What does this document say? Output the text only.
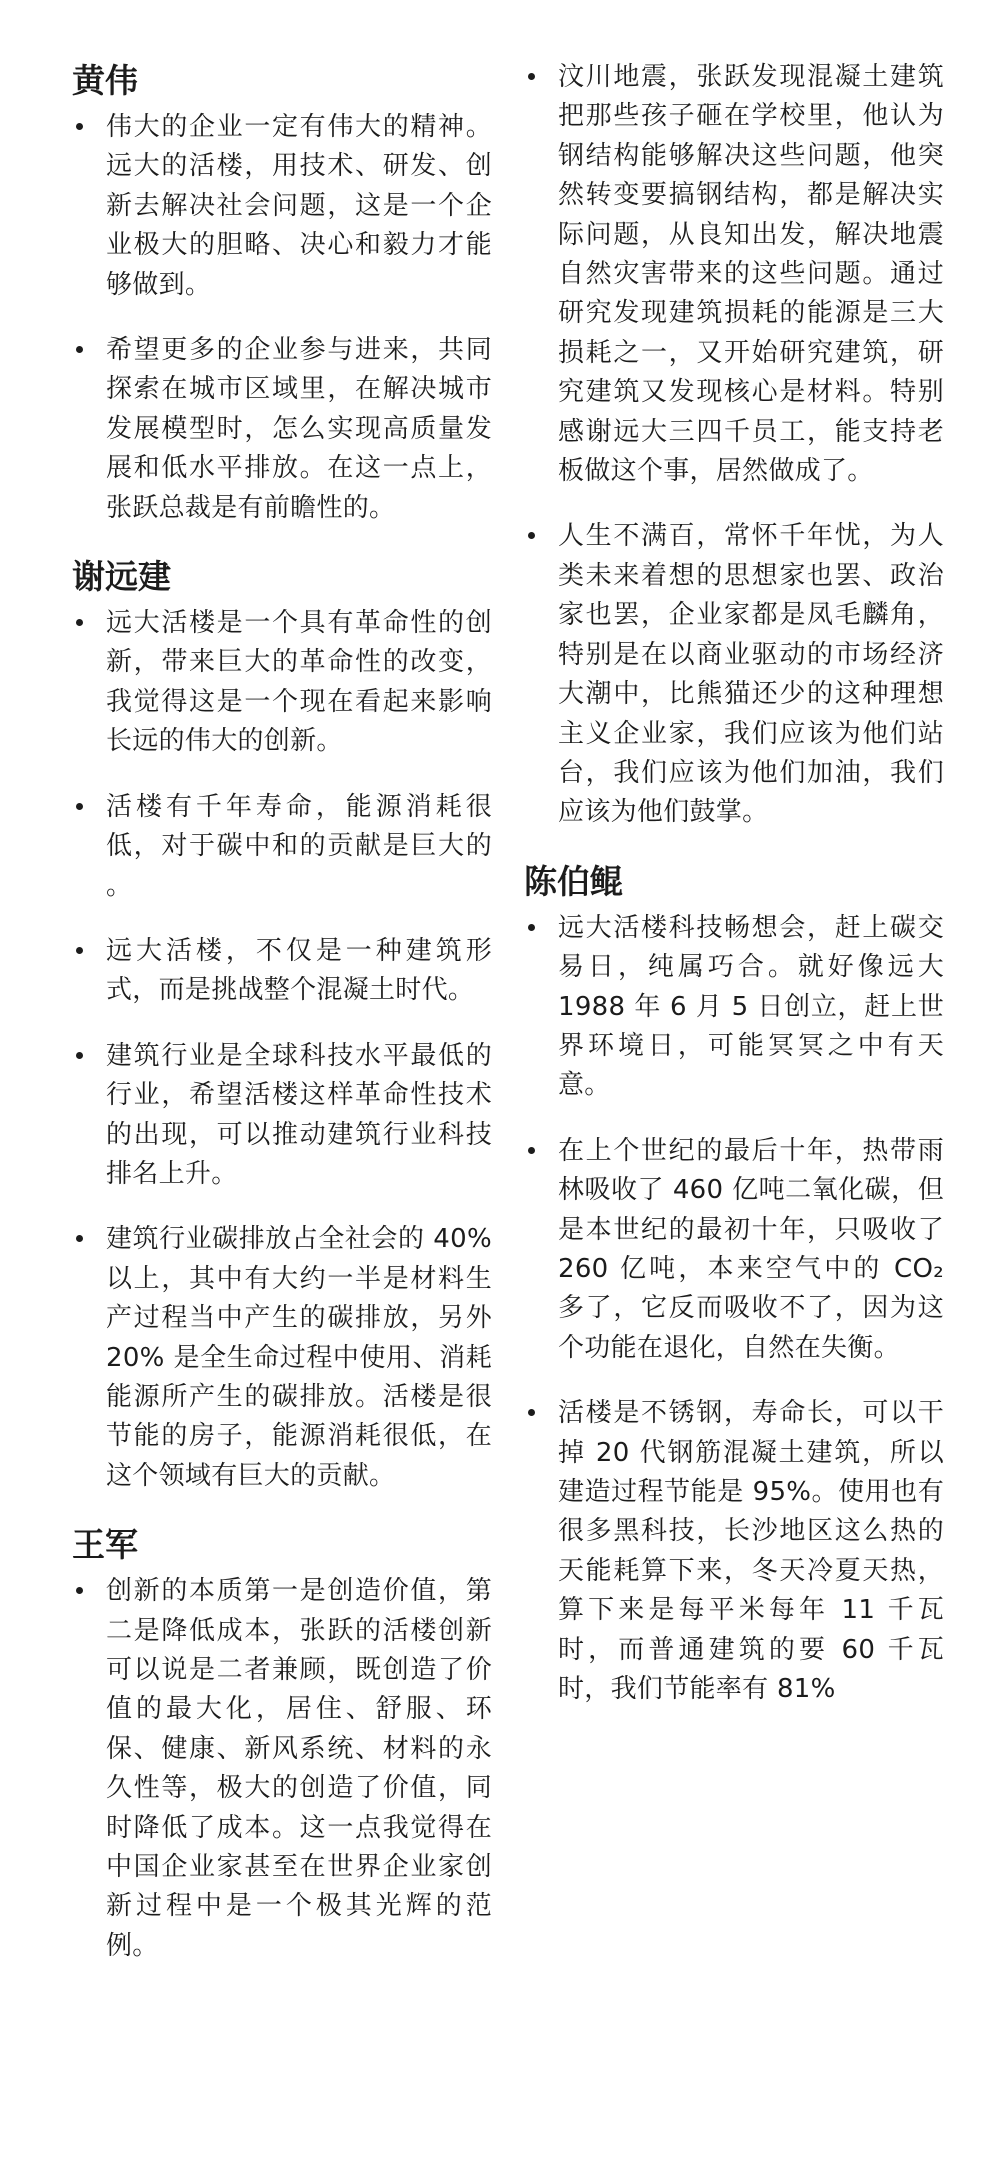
黄伟
伟大的企业一定有伟大的精神。远大的活楼，用技术、研发、创新去解决社会问题，这是一个企业极大的胆略、决心和毅力才能够做到。
希望更多的企业参与进来，共同探索在城市区域里，在解决城市发展模型时，怎么实现高质量发展和低水平排放。在这一点上，张跃总裁是有前瞻性的。
谢远建
远大活楼是一个具有革命性的创新，带来巨大的革命性的改变，我觉得这是一个现在看起来影响长远的伟大的创新。
活楼有千年寿命，能源消耗很低，对于碳中和的贡献是巨大的 。
远大活楼，不仅是一种建筑形式，而是挑战整个混凝土时代。
建筑行业是全球科技水平最低的行业，希望活楼这样革命性技术的出现，可以推动建筑行业科技排名上升。
建筑行业碳排放占全社会的 40% 以上，其中有大约一半是材料生产过程当中产生的碳排放，另外 20% 是全生命过程中使用、消耗能源所产生的碳排放。活楼是很节能的房子，能源消耗很低，在这个领域有巨大的贡献。
王军
创新的本质第一是创造价值，第二是降低成本，张跃的活楼创新可以说是二者兼顾，既创造了价值的最大化，居住、舒服、环保、健康、新风系统、材料的永久性等，极大的创造了价值，同时降低了成本。这一点我觉得在中国企业家甚至在世界企业家创新过程中是一个极其光辉的范例。
汶川地震，张跃发现混凝土建筑把那些孩子砸在学校里，他认为钢结构能够解决这些问题，他突然转变要搞钢结构，都是解决实际问题，从良知出发，解决地震自然灾害带来的这些问题。通过研究发现建筑损耗的能源是三大损耗之一，又开始研究建筑，研究建筑又发现核心是材料。特别感谢远大三四千员工，能支持老板做这个事，居然做成了。
人生不满百，常怀千年忧，为人类未来着想的思想家也罢、政治家也罢，企业家都是凤毛麟角，特别是在以商业驱动的市场经济大潮中，比熊猫还少的这种理想主义企业家，我们应该为他们站台，我们应该为他们加油，我们应该为他们鼓掌。
陈伯鲲
远大活楼科技畅想会，赶上碳交易日，纯属巧合。就好像远大 1988 年 6 月 5 日创立，赶上世界环境日，可能冥冥之中有天意。
在上个世纪的最后十年，热带雨林吸收了 460 亿吨二氧化碳，但是本世纪的最初十年，只吸收了 260 亿吨，本来空气中的 CO₂ 多了，它反而吸收不了，因为这个功能在退化，自然在失衡。
活楼是不锈钢，寿命长，可以干掉 20 代钢筋混凝土建筑，所以建造过程节能是 95%。使用也有很多黑科技，长沙地区这么热的天能耗算下来，冬天冷夏天热，算下来是每平米每年 11 千瓦时，而普通建筑的要 60 千瓦时，我们节能率有 81%
